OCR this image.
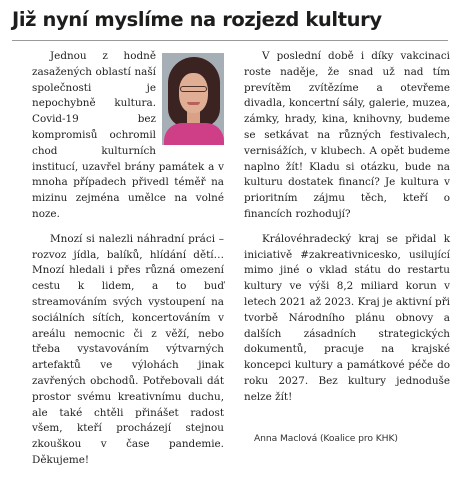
Již nyní myslíme na rozjezd kultury

Jednou z hodně zasažených oblastí naší společnosti je nepochybně kultura. Covid-19 bez kompromisů ochromil chod kulturních institucí, uzavřel brány památek a v mnoha případech přivedl téměř na mizinu zejména umělce na volné noze.

Mnozí si nalezli náhradní práci – rozvoz jídla, balíků, hlídání dětí… Mnozí hledali i přes různá omezení cestu k lidem, a to buď streamováním svých vystoupení na sociálních sítích, koncertováním v areálu nemocnic či z věží, nebo třeba vystavováním výtvarných artefaktů ve výlohách jinak zavřených obchodů. Potřebovali dát prostor svému kreativnímu duchu, ale také chtěli přinášet radost všem, kteří procházejí stejnou zkouškou v čase pandemie. Děkujeme!

V poslední době i díky vakcinaci roste naděje, že snad už nad tím prevítěm zvítězíme a otevřeme divadla, koncertní sály, galerie, muzea, zámky, hrady, kina, knihovny, budeme se setkávat na různých festivalech, vernisážích, v klubech. A opět budeme naplno žít! Kladu si otázku, bude na kulturu dostatek financí? Je kultura v prioritním zájmu těch, kteří o financích rozhodují?

Královéhradecký kraj se přidal k iniciativě #zakreativnicesko, usilující mimo jiné o vklad státu do restartu kultury ve výši 8,2 miliard korun v letech 2021 až 2023. Kraj je aktivní při tvorbě Národního plánu obnovy a dalších zásadních strategických dokumentů, pracuje na krajské koncepci kultury a památkové péče do roku 2027. Bez kultury jednoduše nelze žít!

Anna Maclová (Koalice pro KHK)
